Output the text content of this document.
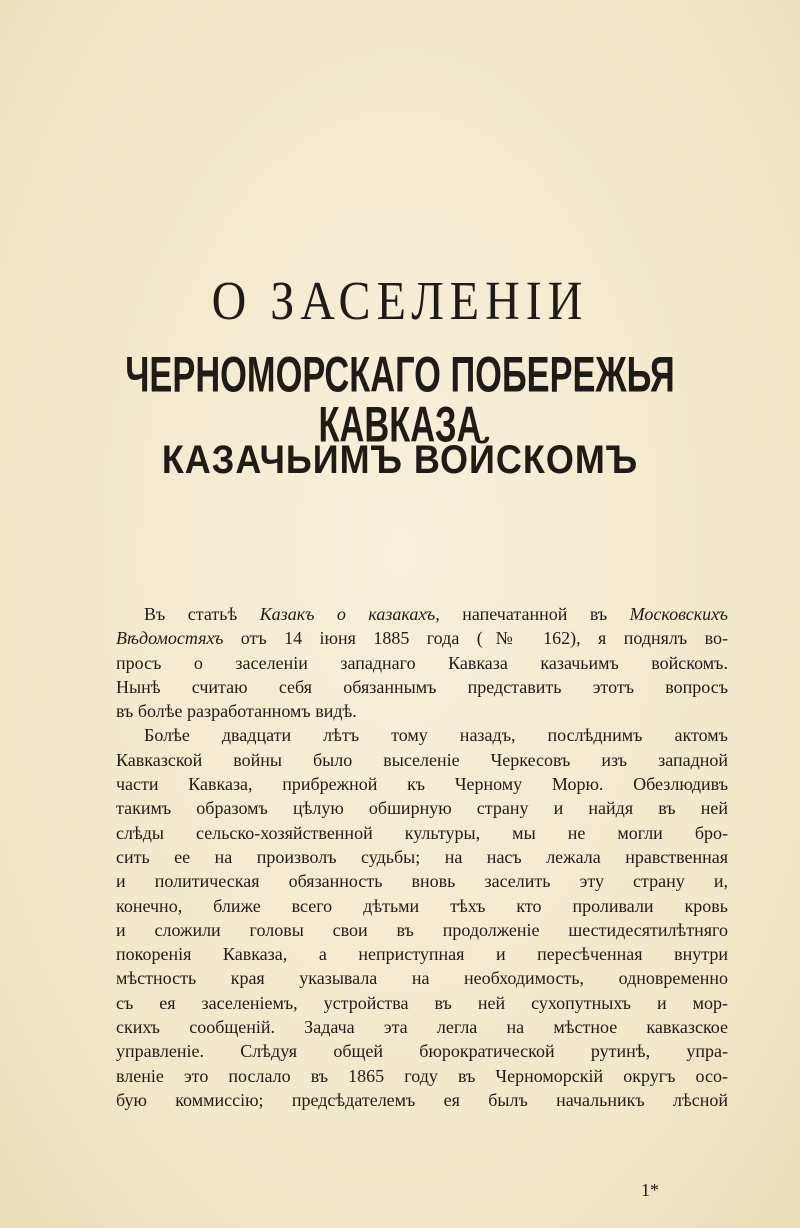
О ЗАСЕЛЕНІИ
ЧЕРНОМОРСКАГО ПОБЕРЕЖЬЯ КАВКАЗА
КАЗАЧЬИМЪ ВОЙСКОМЪ
Въ статьѣ Казакъ о казакахъ, напечатанной въ Московскихъ
Вѣдомостяхъ отъ 14 іюня 1885 года (№ 162), я поднялъ во-
просъ о заселеніи западнаго Кавказа казачьимъ войскомъ.
Нынѣ считаю себя обязаннымъ представить этотъ вопросъ
въ болѣе разработанномъ видѣ.
Болѣе двадцати лѣтъ тому назадъ, послѣднимъ актомъ
Кавказской войны было выселеніе Черкесовъ изъ западной
части Кавказа, прибрежной къ Черному Морю. Обезлюдивъ
такимъ образомъ цѣлую обширную страну и найдя въ ней
слѣды сельско-хозяйственной культуры, мы не могли бро-
сить ее на произволъ судьбы; на насъ лежала нравственная
и политическая обязанность вновь заселить эту страну и,
конечно, ближе всего дѣтьми тѣхъ кто проливали кровь
и сложили головы свои въ продолженіе шестидесятилѣтняго
покоренія Кавказа, а неприступная и пересѣченная внутри
мѣстность края указывала на необходимость, одновременно
съ ея заселеніемъ, устройства въ ней сухопутныхъ и мор-
скихъ сообщеній. Задача эта легла на мѣстное кавказское
управленіе. Слѣдуя общей бюрократической рутинѣ, упра-
вленіе это послало въ 1865 году въ Черноморскій округъ осо-
бую коммиссію; предсѣдателемъ ея былъ начальникъ лѣсной
1*
